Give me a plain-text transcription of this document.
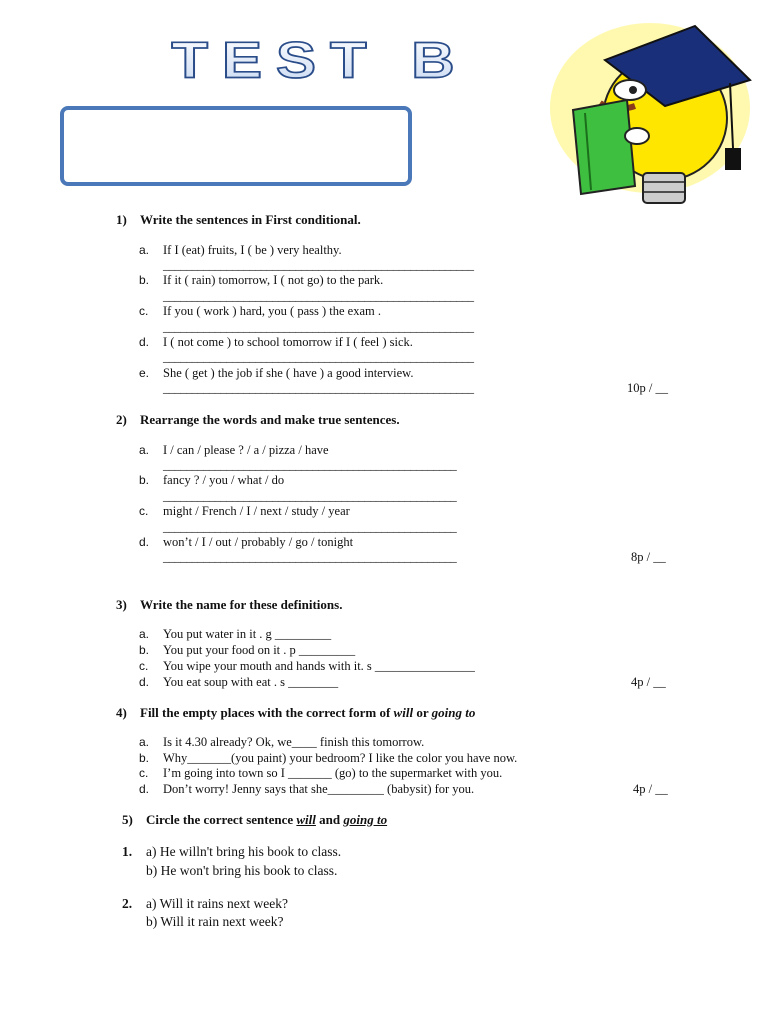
TEST B
1) Write the sentences in First conditional.
a. If I (eat) fruits, I ( be ) very healthy.
______________________________________________________
b. If it ( rain) tomorrow, I ( not go) to the park.
______________________________________________________
c. If you ( work ) hard, you ( pass ) the exam .
______________________________________________________
d. I ( not come ) to school tomorrow if I ( feel ) sick.
______________________________________________________
e. She ( get ) the job if she ( have ) a good interview.
______________________________________________________	10p / __
2) Rearrange the words and make true sentences.
a. I / can / please ? / a / pizza / have
___________________________________________________
b. fancy ? / you / what / do
___________________________________________________
c. might / French / I / next / study / year
___________________________________________________
d. won’t / I / out / probably / go / tonight
___________________________________________________	8p / __
3) Write the name for these definitions.
a. You put water in it . g _________
b. You put your food on it . p _________
c. You wipe your mouth and hands with it. s ________________
d. You eat soup with eat . s ________	4p / __
4) Fill the empty places with the correct form of will or going to
a. Is it 4.30 already? Ok, we____ finish this tomorrow.
b. Why_______(you paint) your bedroom? I like the color you have now.
c. I’m going into town so I _______ (go) to the supermarket with you.
d. Don’t worry! Jenny says that she_________ (babysit) for you.	4p / __
5) Circle the correct sentence will and going to
1. a) He willn't bring his book to class.
b) He won't bring his book to class.
2. a) Will it rains next week?
b) Will it rain next week?
